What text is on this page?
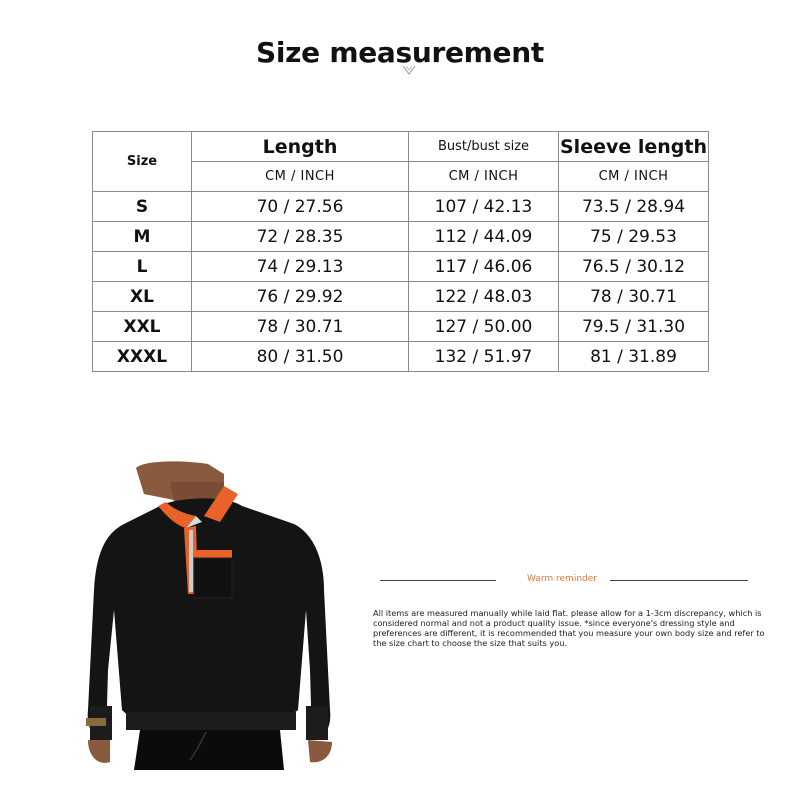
Size measurement
Size	Length	Bust/bust size	Sleeve length
	CM / INCH	CM / INCH	CM / INCH
S	70 / 27.56	107 / 42.13	73.5 / 28.94
M	72 / 28.35	112 / 44.09	75 / 29.53
L	74 / 29.13	117 / 46.06	76.5 / 30.12
XL	76 / 29.92	122 / 48.03	78 / 30.71
XXL	78 / 30.71	127 / 50.00	79.5 / 31.30
XXXL	80 / 31.50	132 / 51.97	81 / 31.89
Warm reminder
All items are measured manually while laid flat. please allow for a 1-3cm discrepancy, which is considered normal and not a product quality issue. *since everyone's dressing style and preferences are different, it is recommended that you measure your own body size and refer to the size chart to choose the size that suits you.
